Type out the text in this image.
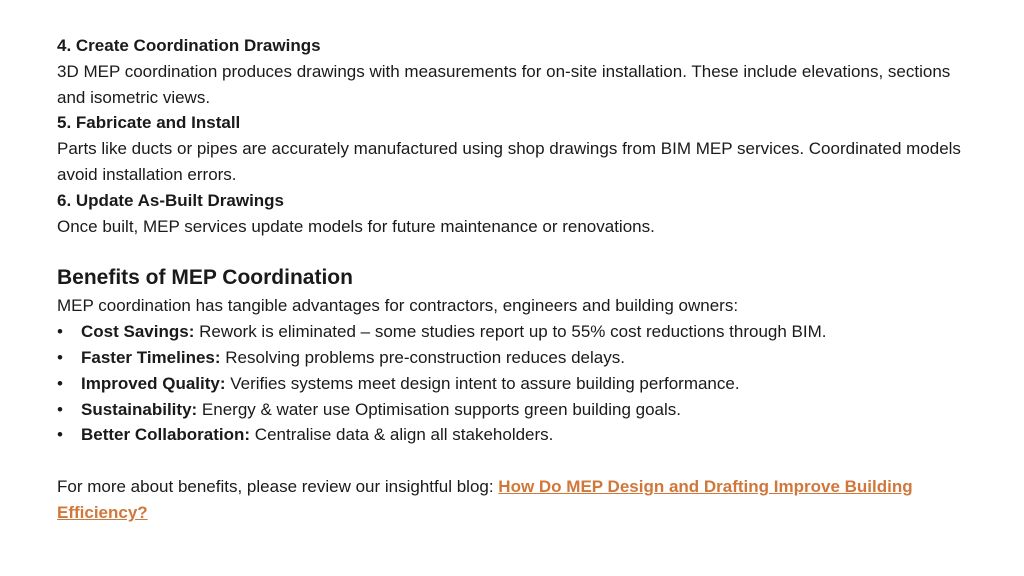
4. Create Coordination Drawings

3D MEP coordination produces drawings with measurements for on-site installation. These include elevations, sections and isometric views.

5. Fabricate and Install

Parts like ducts or pipes are accurately manufactured using shop drawings from BIM MEP services. Coordinated models avoid installation errors.

6. Update As-Built Drawings

Once built, MEP services update models for future maintenance or renovations.

Benefits of MEP Coordination

MEP coordination has tangible advantages for contractors, engineers and building owners:

• Cost Savings: Rework is eliminated – some studies report up to 55% cost reductions through BIM.
• Faster Timelines: Resolving problems pre-construction reduces delays.
• Improved Quality: Verifies systems meet design intent to assure building performance.
• Sustainability: Energy & water use Optimisation supports green building goals.
• Better Collaboration: Centralise data & align all stakeholders.

For more about benefits, please review our insightful blog: How Do MEP Design and Drafting Improve Building Efficiency?
